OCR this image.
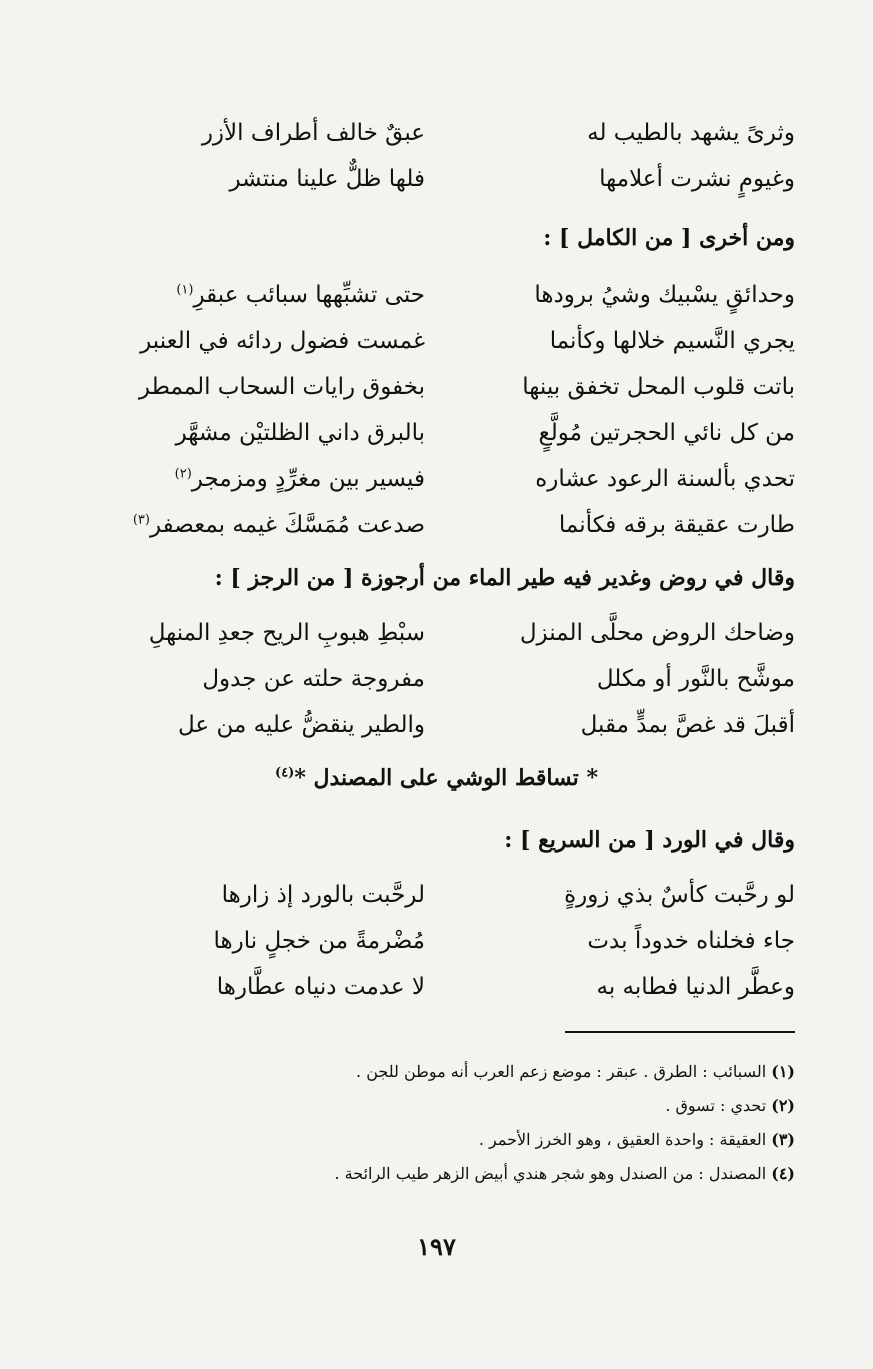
وثرىً يشهد بالطيب له
عبقٌ خالف أطراف الأزر
وغيومٍ نشرت أعلامها
فلها ظلٌّ علينا منتشر
ومن أخرى [ من الكامل ] :
وحدائقٍ يسْبيك وشيُ برودها
حتى تشبِّهها سبائب عبقرِ$^{(١)}$
يجري النَّسيم خلالها وكأنما
غمست فضول ردائه في العنبر
باتت قلوب المحل تخفق بينها
بخفوق رايات السحاب الممطر
من كل نائي الحجرتين مُولَّعٍ
بالبرق داني الظلتيْن مشهَّر
تحدي بألسنة الرعود عشاره
فيسير بين مغرِّدٍ ومزمجر$^{(٢)}$
طارت عقيقة برقه فكأنما
صدعت مُمَسَّكَ غيمه بمعصفر$^{(٣)}$
وقال في روض وغدير فيه طير الماء من أرجوزة [ من الرجز ] :
وضاحك الروض محلَّى المنزل
سبْطِ هبوبِ الريح جعدِ المنهلِ
موشَّح بالنَّور أو مكلل
مفروجة حلته عن جدول
أقبلَ قد غصَّ بمدٍّ مقبل
والطير ينقضُّ عليه من عل
* تساقط الوشي على المصندل *$^{(٤)}$
وقال في الورد [ من السريع ] :
لو رحَّبت كأسٌ بذي زورةٍ
لرحَّبت بالورد إذ زارها
جاء فخلناه خدوداً بدت
مُضْرمةً من خجلٍ نارها
وعطَّر الدنيا فطابه به
لا عدمت دنياه عطَّارها
(١) السبائب : الطرق . عبقر : موضع زعم العرب أنه موطن للجن .
(٢) تحدي : تسوق .
(٣) العقيقة : واحدة العقيق ، وهو الخرز الأحمر .
(٤) المصندل : من الصندل وهو شجر هندي أبيض الزهر طيب الرائحة .
١٩٧
